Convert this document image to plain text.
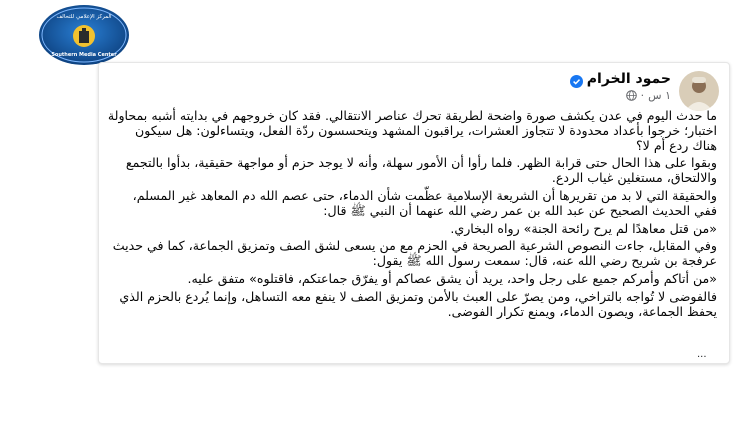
المركز الإعلامي للتحالف
Southern Media Center
حمود الخرام
١ س
·

ما حدث اليوم في عدن يكشف صورة واضحة لطريقة تحرك عناصر الانتقالي. فقد كان خروجهم في بدايته أشبه بمحاولة اختبار؛ خرجوا بأعداد محدودة لا تتجاوز العشرات، يراقبون المشهد ويتحسسون ردّة الفعل، ويتساءلون: هل سيكون هناك ردع أم لا؟

وبقوا على هذا الحال حتى قرابة الظهر. فلما رأوا أن الأمور سهلة، وأنه لا يوجد حزم أو مواجهة حقيقية، بدأوا بالتجمع والالتحاق، مستغلين غياب الردع.

والحقيقة التي لا بد من تقريرها أن الشريعة الإسلامية عظّمت شأن الدماء، حتى عصم الله دم المعاهد غير المسلم، ففي الحديث الصحيح عن عبد الله بن عمر رضي الله عنهما أن النبي ﷺ قال:

«من قتل معاهدًا لم يرح رائحة الجنة» رواه البخاري.

وفي المقابل، جاءت النصوص الشرعية الصريحة في الحزم مع من يسعى لشق الصف وتمزيق الجماعة، كما في حديث عرفجة بن شريح رضي الله عنه، قال: سمعت رسول الله ﷺ يقول:

«من أتاكم وأمركم جميع على رجل واحد، يريد أن يشق عصاكم أو يفرّق جماعتكم، فاقتلوه» متفق عليه.

فالفوضى لا تُواجه بالتراخي، ومن يصرّ على العبث بالأمن وتمزيق الصف لا ينفع معه التساهل، وإنما يُردع بالحزم الذي يحفظ الجماعة، ويصون الدماء، ويمنع تكرار الفوضى.

...
